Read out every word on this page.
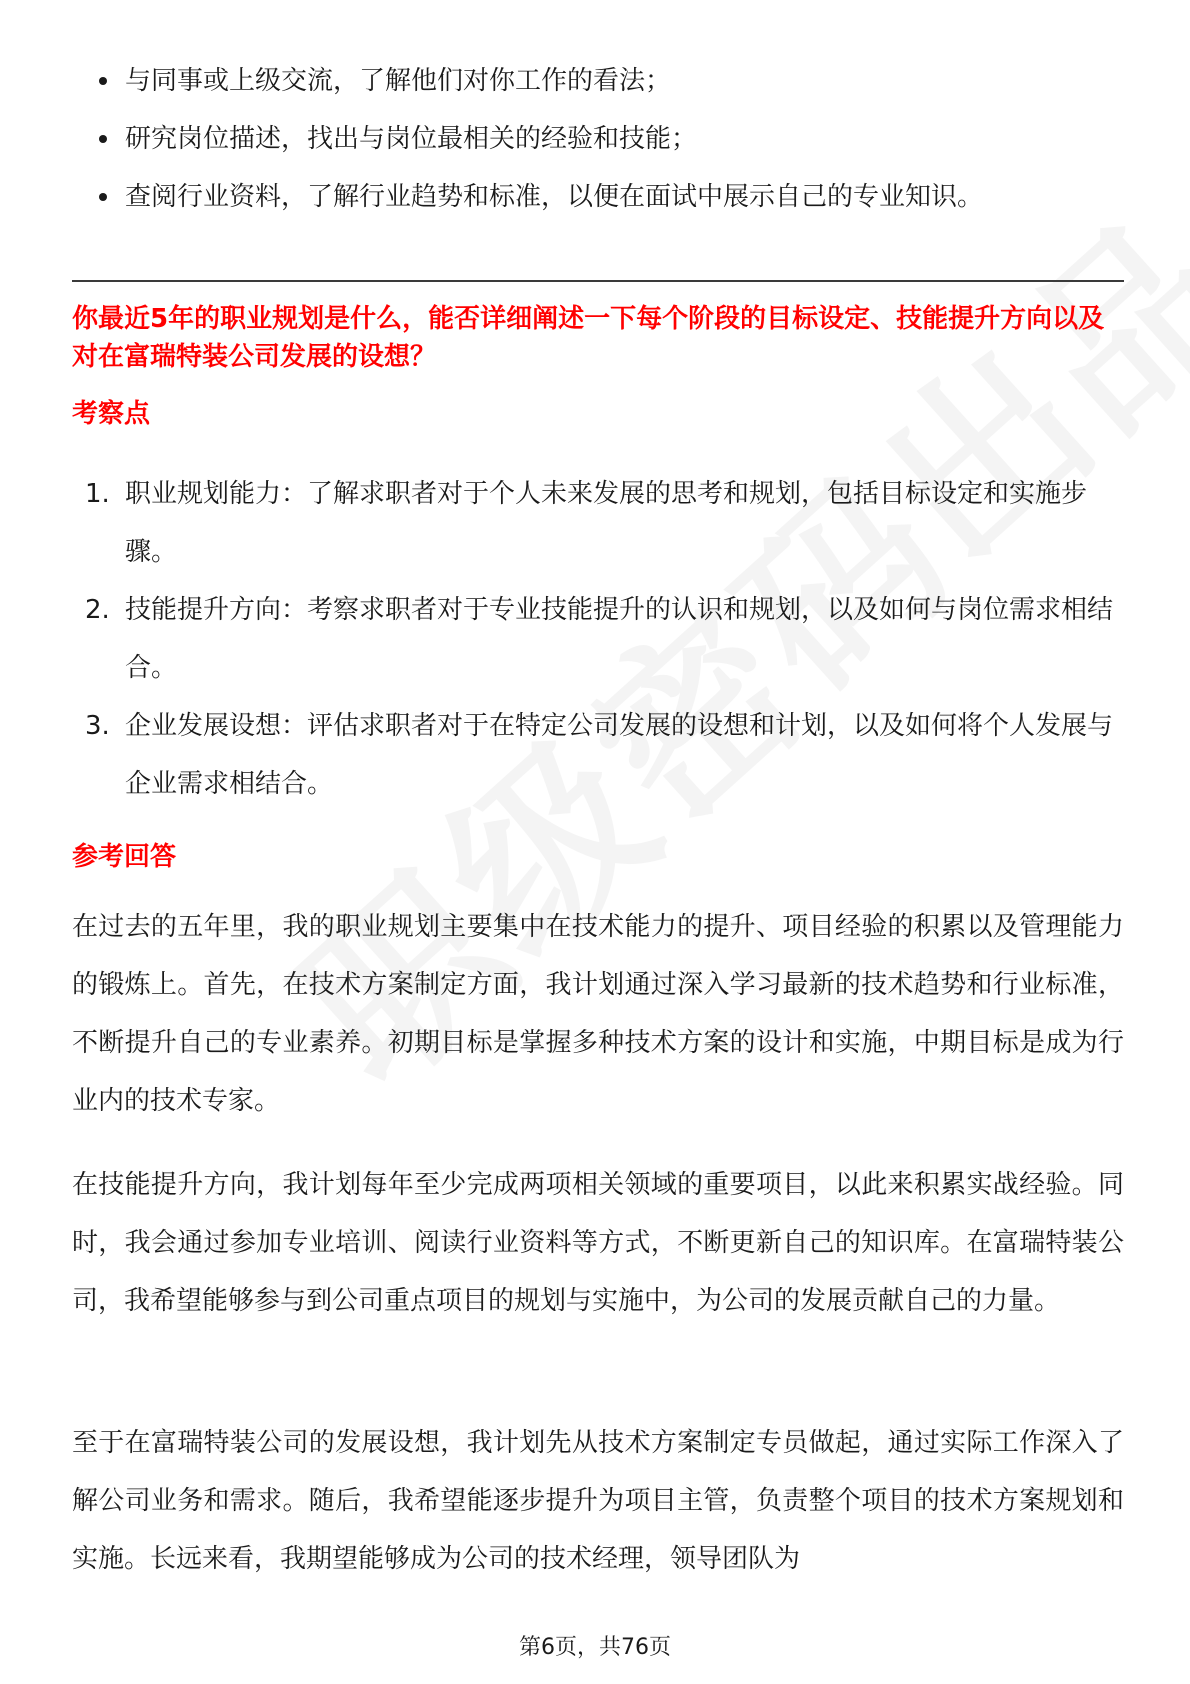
与同事或上级交流，了解他们对你工作的看法；
研究岗位描述，找出与岗位最相关的经验和技能；
查阅行业资料，了解行业趋势和标准，以便在面试中展示自己的专业知识。
你最近5年的职业规划是什么，能否详细阐述一下每个阶段的目标设定、技能提升方向以及对在富瑞特装公司发展的设想？
考察点
1. 职业规划能力：了解求职者对于个人未来发展的思考和规划，包括目标设定和实施步骤。
2. 技能提升方向：考察求职者对于专业技能提升的认识和规划，以及如何与岗位需求相结合。
3. 企业发展设想：评估求职者对于在特定公司发展的设想和计划，以及如何将个人发展与企业需求相结合。
参考回答

在过去的五年里，我的职业规划主要集中在技术能力的提升、项目经验的积累以及管理能力的锻炼上。首先，在技术方案制定方面，我计划通过深入学习最新的技术趋势和行业标准，不断提升自己的专业素养。初期目标是掌握多种技术方案的设计和实施，中期目标是成为行业内的技术专家。

在技能提升方向，我计划每年至少完成两项相关领域的重要项目，以此来积累实战经验。同时，我会通过参加专业培训、阅读行业资料等方式，不断更新自己的知识库。在富瑞特装公司，我希望能够参与到公司重点项目的规划与实施中，为公司的发展贡献自己的力量。

至于在富瑞特装公司的发展设想，我计划先从技术方案制定专员做起，通过实际工作深入了解公司业务和需求。随后，我希望能逐步提升为项目主管，负责整个项目的技术方案规划和实施。长远来看，我期望能够成为公司的技术经理，领导团队为

第6页，共76页
